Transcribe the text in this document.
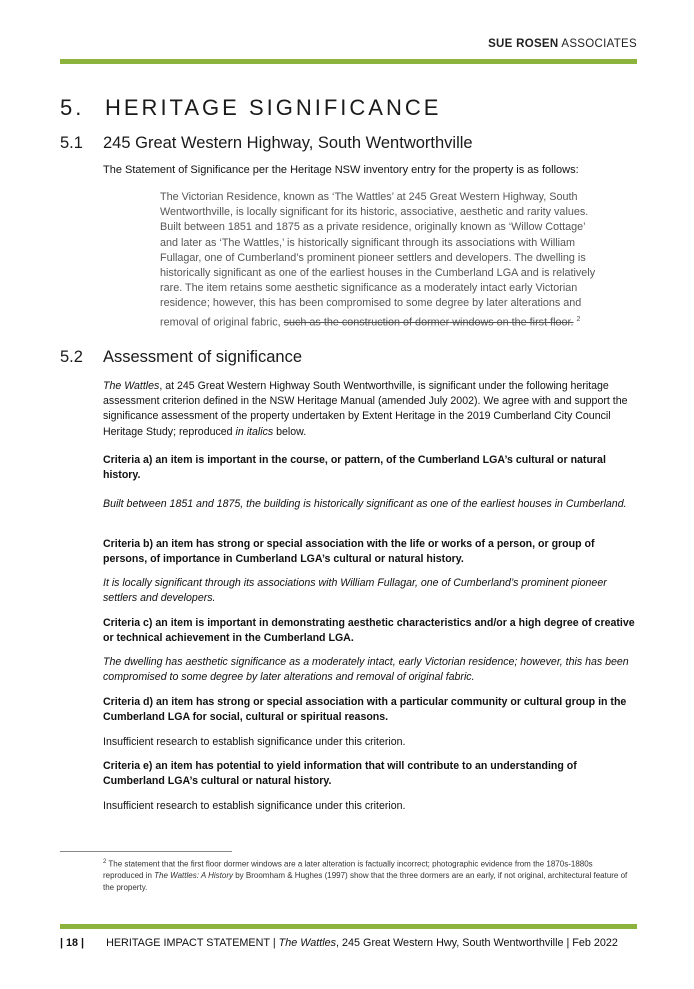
SUE ROSEN ASSOCIATES
5. HERITAGE SIGNIFICANCE
5.1 245 Great Western Highway, South Wentworthville
The Statement of Significance per the Heritage NSW inventory entry for the property is as follows:
The Victorian Residence, known as ‘The Wattles’ at 245 Great Western Highway, South Wentworthville, is locally significant for its historic, associative, aesthetic and rarity values. Built between 1851 and 1875 as a private residence, originally known as ‘Willow Cottage’ and later as ‘The Wattles,’ is historically significant through its associations with William Fullagar, one of Cumberland’s prominent pioneer settlers and developers. The dwelling is historically significant as one of the earliest houses in the Cumberland LGA and is relatively rare. The item retains some aesthetic significance as a moderately intact early Victorian residence; however, this has been compromised to some degree by later alterations and removal of original fabric, such as the construction of dormer windows on the first floor. $^2$
5.2 Assessment of significance
The Wattles, at 245 Great Western Highway South Wentworthville, is significant under the following heritage assessment criterion defined in the NSW Heritage Manual (amended July 2002). We agree with and support the significance assessment of the property undertaken by Extent Heritage in the 2019 Cumberland City Council Heritage Study; reproduced in italics below.
Criteria a) an item is important in the course, or pattern, of the Cumberland LGA’s cultural or natural history.
Built between 1851 and 1875, the building is historically significant as one of the earliest houses in Cumberland.
Criteria b) an item has strong or special association with the life or works of a person, or group of persons, of importance in Cumberland LGA’s cultural or natural history.
It is locally significant through its associations with William Fullagar, one of Cumberland’s prominent pioneer settlers and developers.
Criteria c) an item is important in demonstrating aesthetic characteristics and/or a high degree of creative or technical achievement in the Cumberland LGA.
The dwelling has aesthetic significance as a moderately intact, early Victorian residence; however, this has been compromised to some degree by later alterations and removal of original fabric.
Criteria d) an item has strong or special association with a particular community or cultural group in the Cumberland LGA for social, cultural or spiritual reasons.
Insufficient research to establish significance under this criterion.
Criteria e) an item has potential to yield information that will contribute to an understanding of Cumberland LGA’s cultural or natural history.
Insufficient research to establish significance under this criterion.
$^2$ The statement that the first floor dormer windows are a later alteration is factually incorrect; photographic evidence from the 1870s-1880s reproduced in The Wattles: A History by Broomham & Hughes (1997) show that the three dormers are an early, if not original, architectural feature of the property.
| 18 | HERITAGE IMPACT STATEMENT | The Wattles, 245 Great Western Hwy, South Wentworthville | Feb 2022
